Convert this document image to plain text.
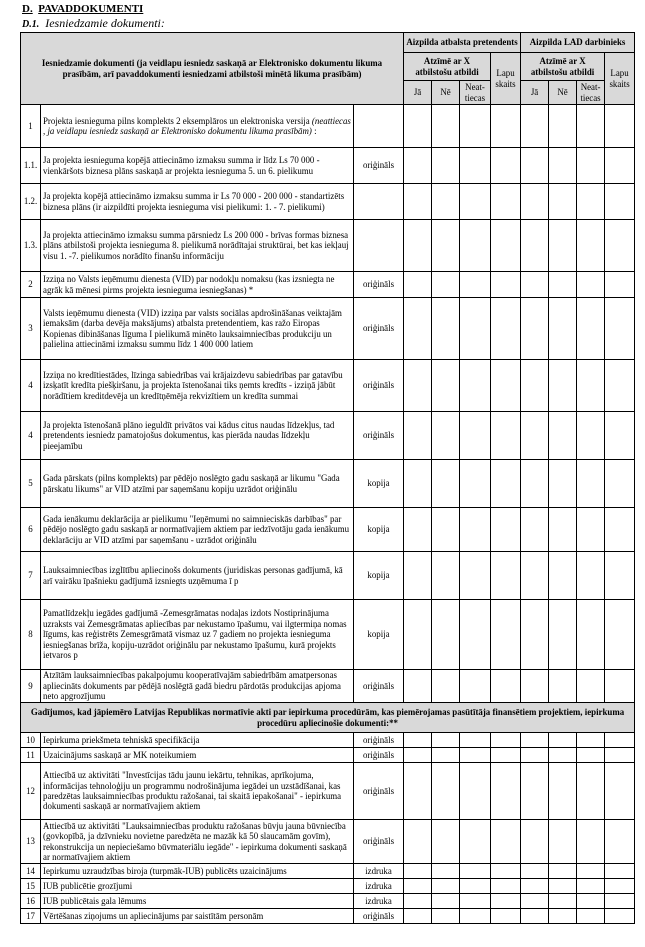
D. PAVADDOKUMENTI
D.1. Iesniedzamie dokumenti:
Iesniedzamie dokumenti (ja veidlapu iesniedz saskaņā ar Elektronisko dokumentu likuma prasībām, arī pavaddokumenti iesniedzami atbilstoši minētā likuma prasībām)			Aizpilda atbalsta pretendents				Aizpilda LAD darbinieks			
			Atzīmē ar X atbilstošu atbildi			Lapu skaits	Atzīmē ar X atbilstošu atbildi			Lapu skaits
			Jā	Nē	Neat-tiecas		Jā	Nē	Neat-tiecas	
1	Projekta iesnieguma pilns komplekts 2 eksemplāros un elektroniska versija (neattiecas , ja veidlapu iesniedz saskaņā ar Elektronisko dokumentu likuma prasībām) :									
1.1.	Ja projekta iesnieguma kopējā attiecināmo izmaksu summa ir līdz Ls 70 000 - vienkāršots biznesa plāns saskaņā ar projekta iesnieguma 5. un 6. pielikumu	oriģināls								
1.2.	Ja projekta kopējā attiecināmo izmaksu summa ir Ls 70 000 - 200 000 - standartizēts biznesa plāns (ir aizpildīti projekta iesnieguma visi pielikumi: 1. - 7. pielikumi)									
1.3.	Ja projekta attiecināmo izmaksu summa pārsniedz Ls 200 000 - brīvas formas biznesa plāns atbilstoši projekta iesnieguma 8. pielikumā norādītajai struktūrai, bet kas iekļauj visu 1. -7. pielikumos norādīto finanšu informāciju									
2	Izziņa no Valsts ieņēmumu dienesta (VID) par nodokļu nomaksu (kas izsniegta ne agrāk kā mēnesi pirms projekta iesnieguma iesniegšanas) *	oriģināls								
3	Valsts ieņēmumu dienesta (VID) izziņa par valsts sociālas apdrošināšanas veiktajām iemaksām (darba devēja maksājums) atbalsta pretendentiem, kas ražo Eiropas Kopienas dibināšanas līguma I pielikumā minēto lauksaimniecības produkciju un palielina attiecināmi izmaksu summu līdz 1 400 000 latiem	oriģināls								
4	Izziņa no kredītiestādes, līzinga sabiedrības vai krājaizdevu sabiedrības par gatavību izsķatīt kredīta piešķiršanu, ja projekta īstenošanai tiks ņemts kredīts - izziņā jābūt norādītiem kreditdevēja un kredītņēmēja rekvizītiem un kredīta summai	oriģināls								
4	Ja projekta īstenošanā plāno ieguldīt privātos vai kādus citus naudas līdzekļus, tad pretendents iesniedz pamatojošus dokumentus, kas pierāda naudas līdzekļu pieejamību	oriģināls								
5	Gada pārskats (pilns komplekts) par pēdējo noslēgto gadu saskaņā ar likumu "Gada pārskatu likums" ar VID atzīmi par saņemšanu kopiju uzrādot oriģinālu	kopija								
6	Gada ienākumu deklarācija ar pielikumu "Ieņēmumi no saimnieciskās darbības" par pēdējo noslēgto gadu saskaņā ar normatīvajiem aktiem par iedzīvotāju gada ienākumu deklarāciju ar VID atzīmi par saņemšanu - uzrādot oriģinālu	kopija								
7	Lauksaimniecības izglītību apliecinošs dokuments (juridiskas personas gadījumā, kā arī vairāku īpašnieku gadījumā izsniegts uzņēmuma ī p	kopija								
8	Pamatlīdzekļu iegādes gadījumā -Zemesgrāmatas nodaļas izdots Nostiprinājuma uzraksts vai Zemesgrāmatas apliecības par nekustamo īpašumu, vai ilgtermiņa nomas līgums, kas reģistrēts Zemesgrāmatā vismaz uz 7 gadiem no projekta iesnieguma iesniegšanas brīža, kopiju-uzrādot oriģinālu par nekustamo īpašumu, kurā projekts ietvaros p	kopija								
9	Atzītām lauksaimniecības pakalpojumu kooperatīvajām sabiedrībām amatpersonas apliecināts dokuments par pēdējā noslēgtā gadā biedru pārdotās produkcijas apjoma neto apgrozījumu	oriģināls								
Gadījumos, kad jāpiemēro Latvijas Republikas normatīvie akti par iepirkuma procedūrām, kas piemērojamas pasūtītāja finansētiem projektiem, iepirkuma procedūru apliecinošie dokumenti:**										
10	Iepirkuma priekšmeta tehniskā specifikācija	oriģināls								
11	Uzaicinājums saskaņā ar MK noteikumiem	oriģināls								
12	Attiecībā uz aktivitāti "Investīcijas tādu jaunu iekārtu, tehnikas, aprīkojuma, informācijas tehnoloģiju un programmu nodrošinājuma iegādei un uzstādīšanai, kas paredzētas lauksaimniecības produktu ražošanai, tai skaitā iepakošanai" - iepirkuma dokumenti saskaņā ar normatīvajiem aktiem	oriģināls								
13	Attiecībā uz aktivitāti "Lauksaimniecības produktu ražošanas būvju jauna būvniecība (govkopībā, ja dzīvnieku novietne paredzēta ne mazāk kā 50 slaucamām govīm), rekonstrukcija un nepieciešamo būvmateriālu iegāde" - iepirkuma dokumenti saskaņā ar normatīvajiem aktiem	oriģināls								
14	Iepirkumu uzraudzības biroja (turpmāk-IUB) publicēts uzaicinājums	izdruka								
15	IUB publicētie grozījumi	izdruka								
16	IUB publicētais gala lēmums	izdruka								
17	Vērtēšanas ziņojums un apliecinājums par saistītām personām	oriģināls								
